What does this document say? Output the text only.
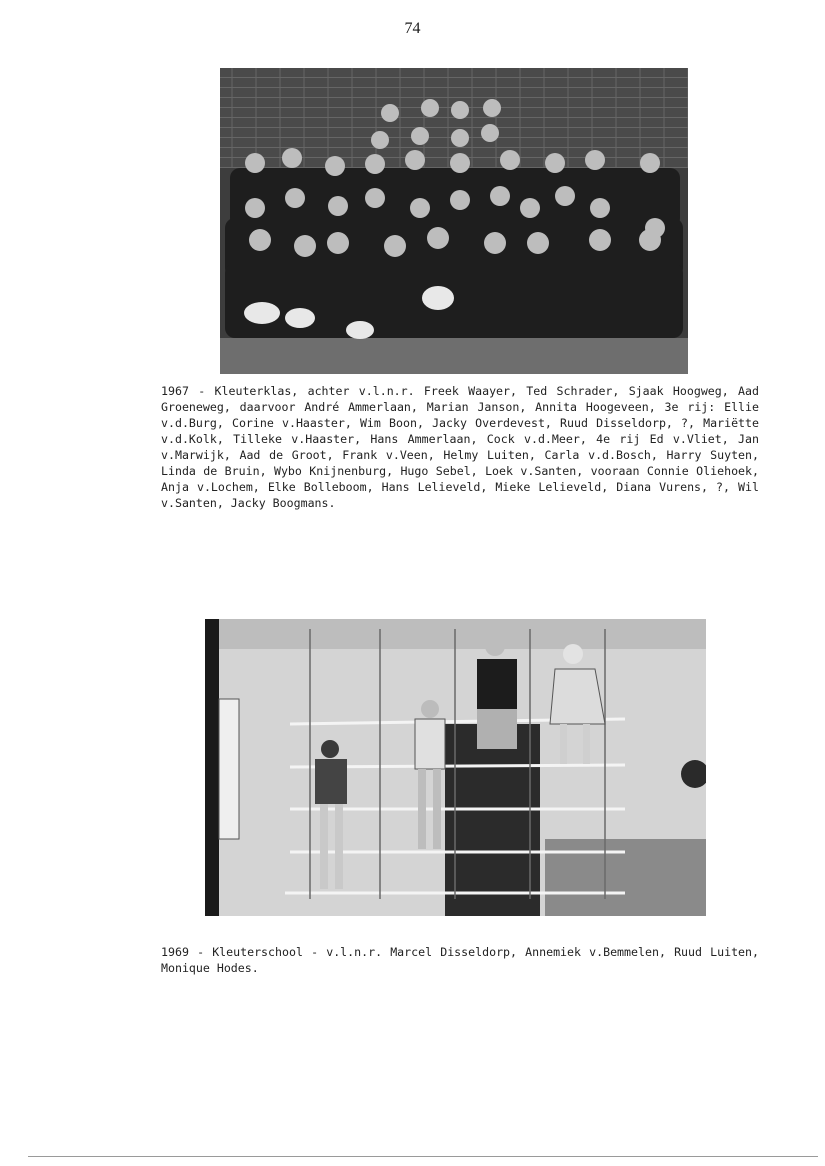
74

1967 - Kleuterklas, achter v.l.n.r. Freek Waayer, Ted Schrader, Sjaak Hoogweg, Aad Groeneweg, daarvoor André Ammerlaan, Marian Janson, Annita Hoogeveen, 3e rij: Ellie v.d.Burg, Corine v.Haaster, Wim Boon, Jacky Overdevest, Ruud Disseldorp, ?, Mariëtte v.d.Kolk, Tilleke v.Haaster, Hans Ammerlaan, Cock v.d.Meer, 4e rij Ed v.Vliet, Jan v.Marwijk, Aad de Groot, Frank v.Veen, Helmy Luiten, Carla v.d.Bosch, Harry Suyten, Linda de Bruin, Wybo Knijnenburg, Hugo Sebel, Loek v.Santen, vooraan Connie Oliehoek, Anja v.Lochem, Elke Bolleboom, Hans Lelieveld, Mieke Lelieveld, Diana Vurens, ?, Wil v.Santen, Jacky Boogmans.

1969 - Kleuterschool - v.l.n.r. Marcel Disseldorp, Annemiek v.Bemmelen, Ruud Luiten, Monique Hodes.
